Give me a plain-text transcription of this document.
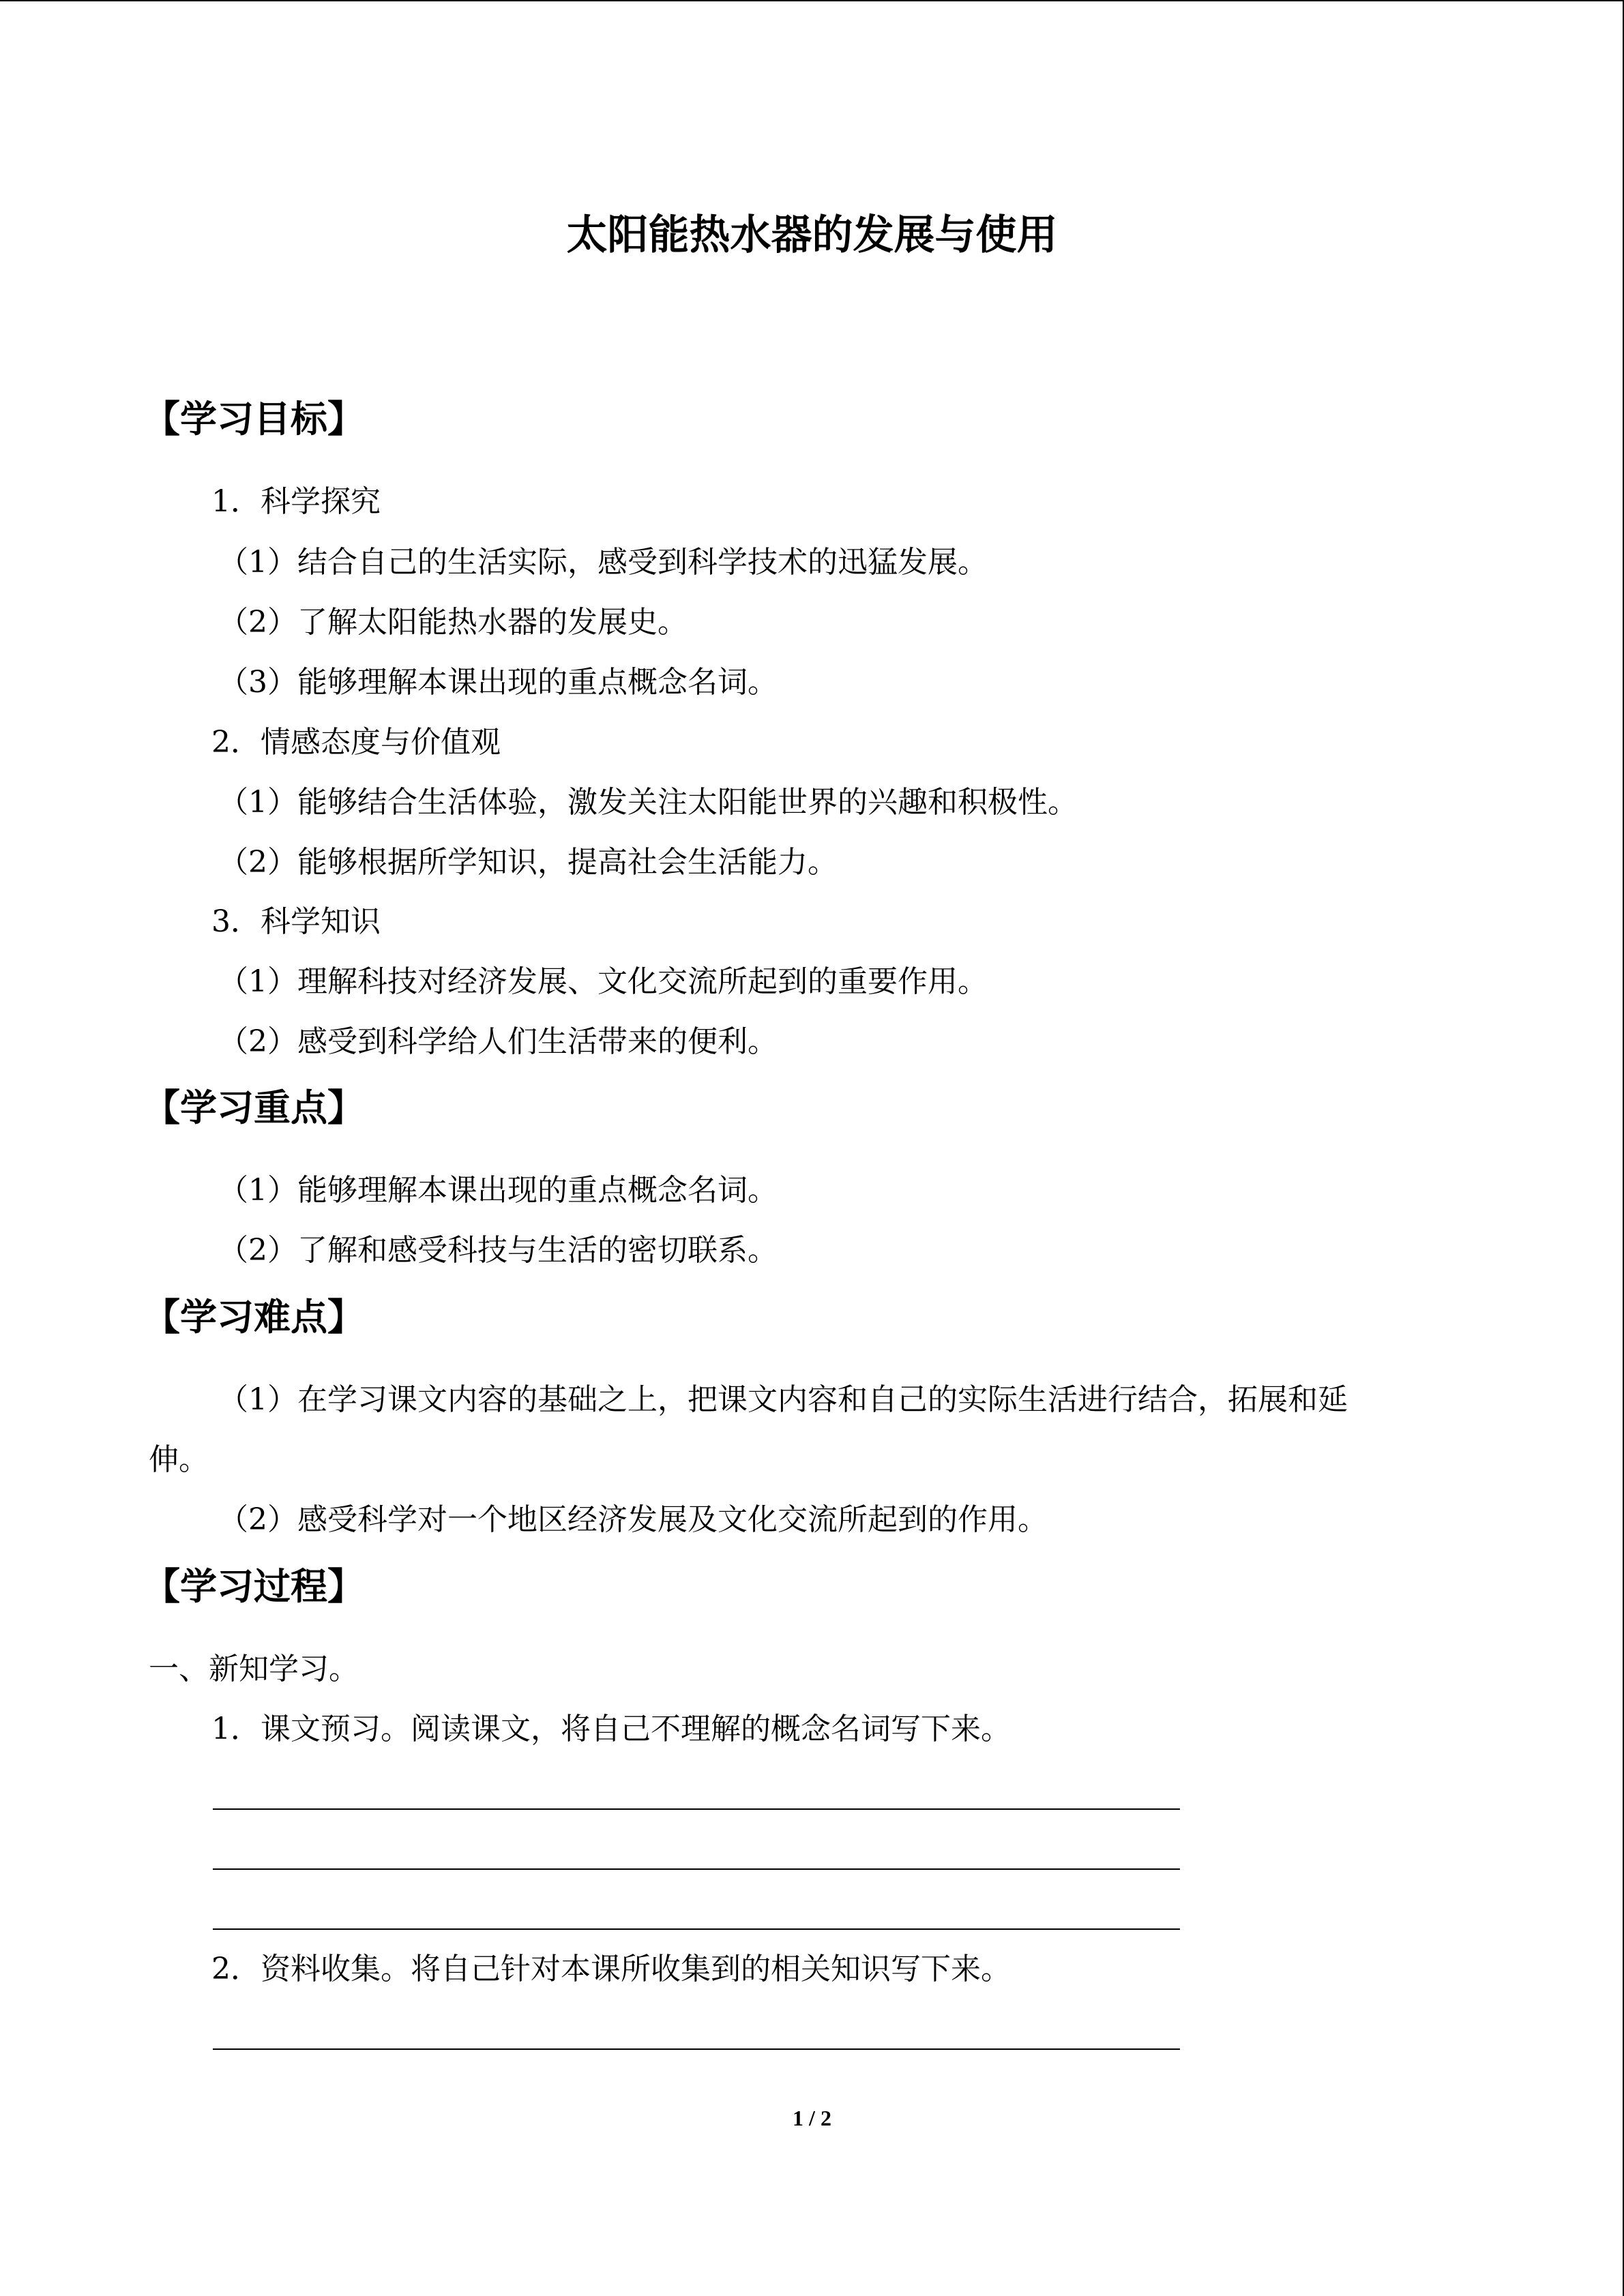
太阳能热水器的发展与使用
【学习目标】
1．科学探究
（1）结合自己的生活实际，感受到科学技术的迅猛发展。
（2）了解太阳能热水器的发展史。
（3）能够理解本课出现的重点概念名词。
2．情感态度与价值观
（1）能够结合生活体验，激发关注太阳能世界的兴趣和积极性。
（2）能够根据所学知识，提高社会生活能力。
3．科学知识
（1）理解科技对经济发展、文化交流所起到的重要作用。
（2）感受到科学给人们生活带来的便利。
【学习重点】
（1）能够理解本课出现的重点概念名词。
（2）了解和感受科技与生活的密切联系。
【学习难点】
（1）在学习课文内容的基础之上，把课文内容和自己的实际生活进行结合，拓展和延
伸。
（2）感受科学对一个地区经济发展及文化交流所起到的作用。
【学习过程】
一、新知学习。
1．课文预习。阅读课文，将自己不理解的概念名词写下来。
2．资料收集。将自己针对本课所收集到的相关知识写下来。
1 / 2
